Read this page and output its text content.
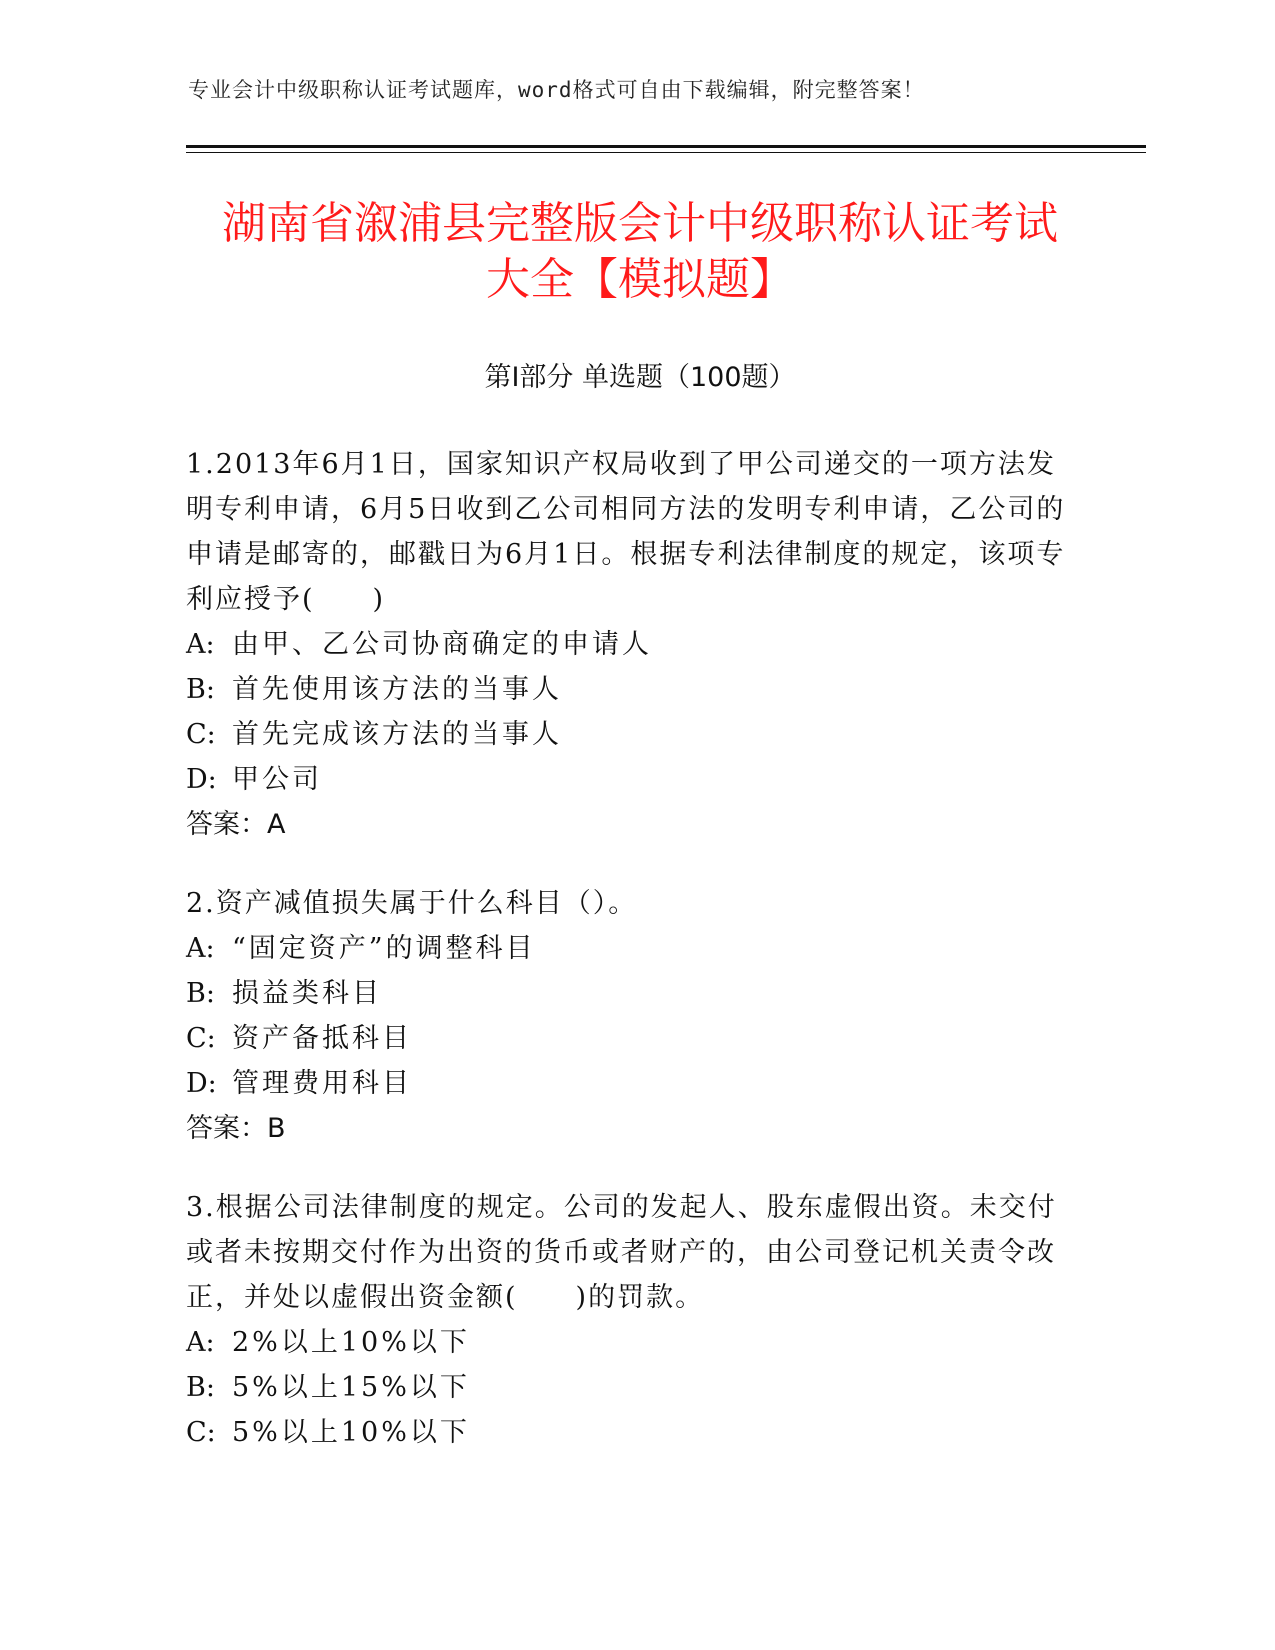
专业会计中级职称认证考试题库，word格式可自由下载编辑，附完整答案！
湖南省溆浦县完整版会计中级职称认证考试
大全【模拟题】
第Ⅰ部分 单选题（100题）

1.2013年6月1日，国家知识产权局收到了甲公司递交的一项方法发明专利申请，6月5日收到乙公司相同方法的发明专利申请，乙公司的申请是邮寄的，邮戳日为6月1日。根据专利法律制度的规定，该项专利应授予(　　)

A: 由甲、乙公司协商确定的申请人

B: 首先使用该方法的当事人

C: 首先完成该方法的当事人

D: 甲公司

答案：A

2.资产减值损失属于什么科目（）。

A: “固定资产”的调整科目

B: 损益类科目

C: 资产备抵科目

D: 管理费用科目

答案：B

3.根据公司法律制度的规定。公司的发起人、股东虚假出资。未交付或者未按期交付作为出资的货币或者财产的，由公司登记机关责令改正，并处以虚假出资金额(　　)的罚款。

A: 2%以上10%以下

B: 5%以上15%以下

C: 5%以上10%以下
